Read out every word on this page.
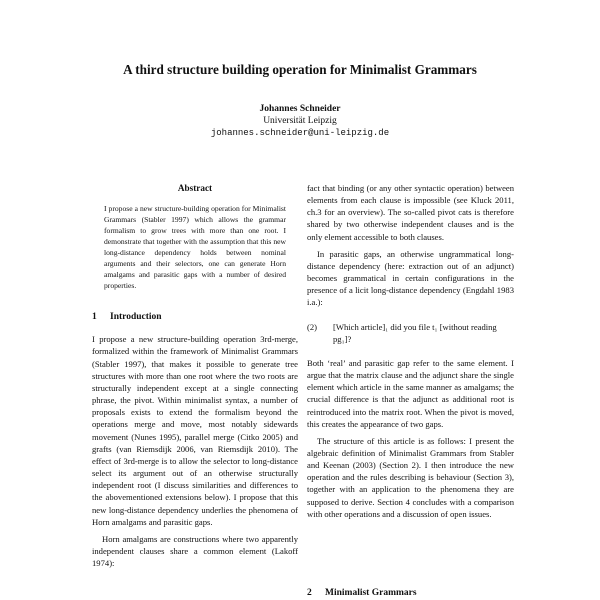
A third structure building operation for Minimalist Grammars
Johannes Schneider
Universität Leipzig
johannes.schneider@uni-leipzig.de
Abstract

I propose a new structure-building operation for Minimalist Grammars (Stabler 1997) which allows the grammar formalism to grow trees with more than one root. I demonstrate that together with the assumption that this new long-distance dependency holds between nominal arguments and their selectors, one can generate Horn amalgams and parasitic gaps with a number of desired properties.

1 Introduction

I propose a new structure-building operation 3rd-merge, formalized within the framework of Minimalist Grammars (Stabler 1997), that makes it possible to generate tree structures with more than one root where the two roots are structurally independent except at a single connecting phrase, the pivot. Within minimalist syntax, a number of proposals exists to extend the formalism beyond the operations merge and move, most notably sidewards movement (Nunes 1995), parallel merge (Citko 2005) and grafts (van Riemsdijk 2006, van Riemsdijk 2010). The effect of 3rd-merge is to allow the selector to long-distance select its argument out of an otherwise structurally independent root (I discuss similarities and differences to the abovementioned extensions below). I propose that this new long-distance dependency underlies the phenomena of Horn amalgams and parasitic gaps.

Horn amalgams are constructions where two apparently independent clauses share a common element (Lakoff 1974):

fact that binding (or any other syntactic operation) between elements from each clause is impossible (see Kluck 2011, ch.3 for an overview). The so-called pivot cats is therefore shared by two otherwise independent clauses and is the only element accessible to both clauses.

In parasitic gaps, an otherwise ungrammatical long-distance dependency (here: extraction out of an adjunct) becomes grammatical in certain configurations in the presence of a licit long-distance dependency (Engdahl 1983 i.a.):

(2)	[Which article]₁ did you file t₁ [without reading pg₁]?

Both ‘real’ and parasitic gap refer to the same element. I argue that the matrix clause and the adjunct share the single element which article in the same manner as amalgams; the crucial difference is that the adjunct as additional root is reintroduced into the matrix root. When the pivot is moved, this creates the appearance of two gaps.

The structure of this article is as follows: I present the algebraic definition of Minimalist Grammars from Stabler and Keenan (2003) (Section 2). I then introduce the new operation and the rules describing is behaviour (Section 3), together with an application to the phenomena they are supposed to derive. Section 4 concludes with a comparison with other operations and a discussion of open issues.

2 Minimalist Grammars
